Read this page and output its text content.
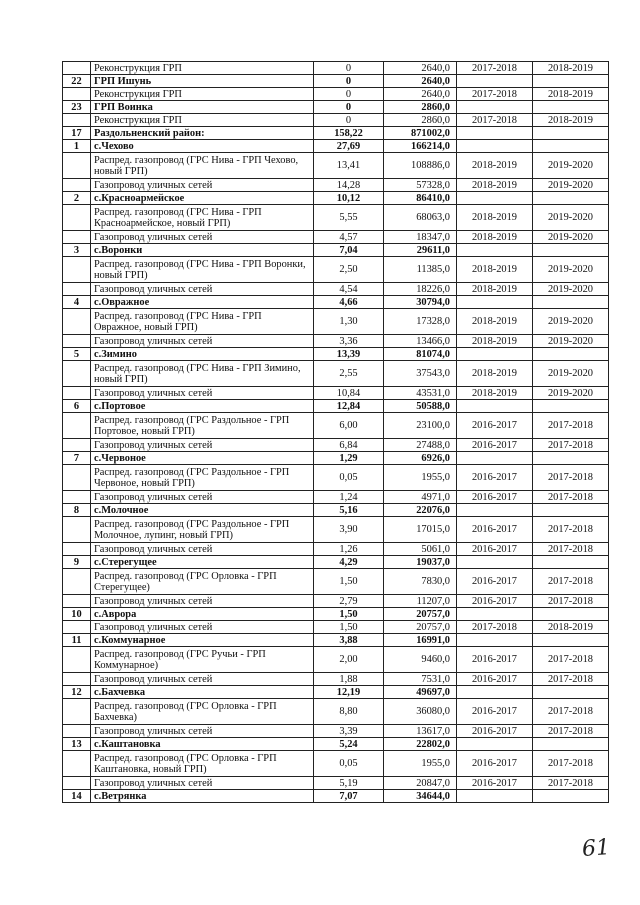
	Реконструкция ГРП	0	2640,0	2017-2018	2018-2019
22	ГРП Ишунь	0	2640,0		
	Реконструкция ГРП	0	2640,0	2017-2018	2018-2019
23	ГРП Воинка	0	2860,0		
	Реконструкция ГРП	0	2860,0	2017-2018	2018-2019
17	Раздольненский район:	158,22	871002,0		
1	с.Чехово	27,69	166214,0		
	Распред. газопровод (ГРС Нива - ГРП Чехово, новый ГРП)	13,41	108886,0	2018-2019	2019-2020
	Газопровод уличных сетей	14,28	57328,0	2018-2019	2019-2020
2	с.Красноармейское	10,12	86410,0		
	Распред. газопровод (ГРС Нива - ГРП Красноармейское, новый ГРП)	5,55	68063,0	2018-2019	2019-2020
	Газопровод уличных сетей	4,57	18347,0	2018-2019	2019-2020
3	с.Воронки	7,04	29611,0		
	Распред. газопровод (ГРС Нива - ГРП Воронки, новый ГРП)	2,50	11385,0	2018-2019	2019-2020
	Газопровод уличных сетей	4,54	18226,0	2018-2019	2019-2020
4	с.Овражное	4,66	30794,0		
	Распред. газопровод (ГРС Нива - ГРП Овражное, новый ГРП)	1,30	17328,0	2018-2019	2019-2020
	Газопровод уличных сетей	3,36	13466,0	2018-2019	2019-2020
5	с.Зимино	13,39	81074,0		
	Распред. газопровод (ГРС Нива - ГРП Зимино, новый ГРП)	2,55	37543,0	2018-2019	2019-2020
	Газопровод уличных сетей	10,84	43531,0	2018-2019	2019-2020
6	с.Портовое	12,84	50588,0		
	Распред. газопровод (ГРС Раздольное - ГРП Портовое, новый ГРП)	6,00	23100,0	2016-2017	2017-2018
	Газопровод уличных сетей	6,84	27488,0	2016-2017	2017-2018
7	с.Червоное	1,29	6926,0		
	Распред. газопровод (ГРС Раздольное - ГРП Червоное, новый ГРП)	0,05	1955,0	2016-2017	2017-2018
	Газопровод уличных сетей	1,24	4971,0	2016-2017	2017-2018
8	с.Молочное	5,16	22076,0		
	Распред. газопровод (ГРС Раздольное - ГРП Молочное, лупинг, новый ГРП)	3,90	17015,0	2016-2017	2017-2018
	Газопровод уличных сетей	1,26	5061,0	2016-2017	2017-2018
9	с.Стерегущее	4,29	19037,0		
	Распред. газопровод (ГРС Орловка - ГРП Стерегущее)	1,50	7830,0	2016-2017	2017-2018
	Газопровод уличных сетей	2,79	11207,0	2016-2017	2017-2018
10	с.Аврора	1,50	20757,0		
	Газопровод уличных сетей	1,50	20757,0	2017-2018	2018-2019
11	с.Коммунарное	3,88	16991,0		
	Распред. газопровод (ГРС Ручьи - ГРП Коммунарное)	2,00	9460,0	2016-2017	2017-2018
	Газопровод уличных сетей	1,88	7531,0	2016-2017	2017-2018
12	с.Бахчевка	12,19	49697,0		
	Распред. газопровод (ГРС Орловка - ГРП Бахчевка)	8,80	36080,0	2016-2017	2017-2018
	Газопровод уличных сетей	3,39	13617,0	2016-2017	2017-2018
13	с.Каштановка	5,24	22802,0		
	Распред. газопровод (ГРС Орловка - ГРП Каштановка, новый ГРП)	0,05	1955,0	2016-2017	2017-2018
	Газопровод уличных сетей	5,19	20847,0	2016-2017	2017-2018
14	с.Ветрянка	7,07	34644,0		
61
